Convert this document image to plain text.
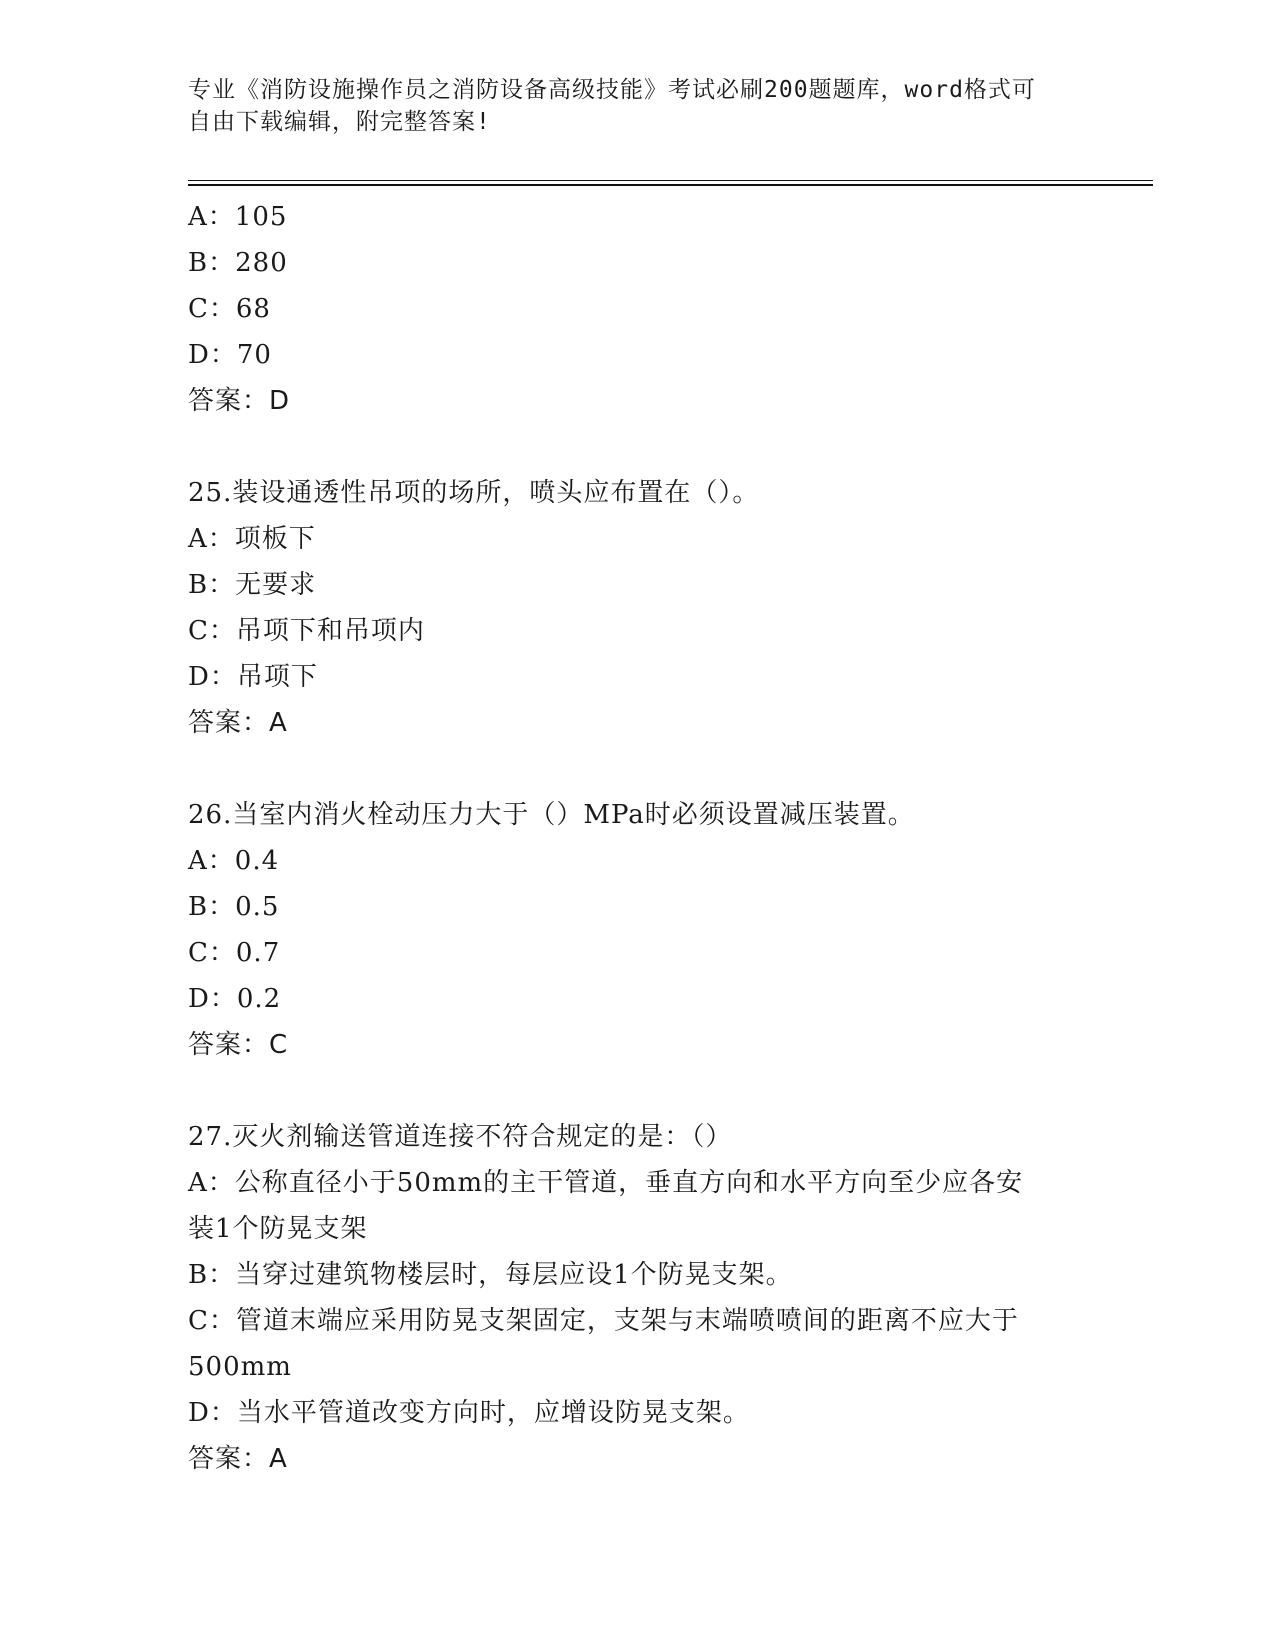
专业《消防设施操作员之消防设备高级技能》考试必刷200题题库，word格式可
自由下载编辑，附完整答案!
A：105
B：280
C：68
D：70
答案：D
25.装设通透性吊项的场所，喷头应布置在（）。
A：项板下
B：无要求
C：吊项下和吊项内
D：吊项下
答案：A
26.当室内消火栓动压力大于（）MPa时必须设置减压装置。
A：0.4
B：0.5
C：0.7
D：0.2
答案：C
27.灭火剂输送管道连接不符合规定的是：（）
A：公称直径小于50mm的主干管道，垂直方向和水平方向至少应各安
装1个防晃支架
B：当穿过建筑物楼层时，每层应设1个防晃支架。
C：管道末端应采用防晃支架固定，支架与末端喷喷间的距离不应大于
500mm
D：当水平管道改变方向时，应增设防晃支架。
答案：A
